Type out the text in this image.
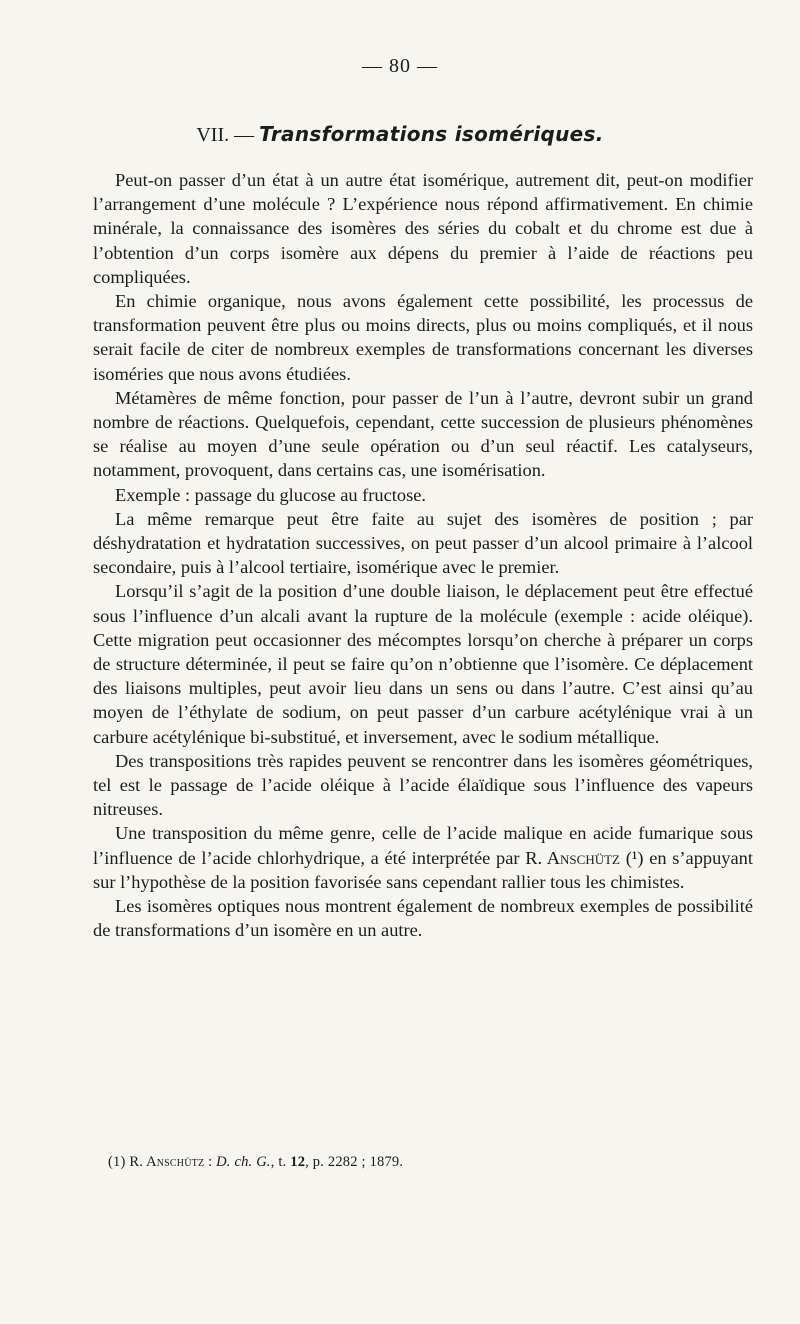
— 80 —
VII. — Transformations isomériques.

Peut-on passer d’un état à un autre état isomérique, autrement dit, peut-on modifier l’arrangement d’une molécule ? L’expérience nous répond affirmativement. En chimie minérale, la connaissance des isomères des séries du cobalt et du chrome est due à l’obtention d’un corps isomère aux dépens du premier à l’aide de réactions peu compliquées.

En chimie organique, nous avons également cette possibilité, les processus de transformation peuvent être plus ou moins directs, plus ou moins compliqués, et il nous serait facile de citer de nombreux exemples de transformations concernant les diverses isoméries que nous avons étudiées.

Métamères de même fonction, pour passer de l’un à l’autre, devront subir un grand nombre de réactions. Quelquefois, cependant, cette succession de plusieurs phénomènes se réalise au moyen d’une seule opération ou d’un seul réactif. Les catalyseurs, notamment, provoquent, dans certains cas, une isomérisation.

Exemple : passage du glucose au fructose.

La même remarque peut être faite au sujet des isomères de position ; par déshydratation et hydratation successives, on peut passer d’un alcool primaire à l’alcool secondaire, puis à l’alcool tertiaire, isomérique avec le premier.

Lorsqu’il s’agit de la position d’une double liaison, le déplacement peut être effectué sous l’influence d’un alcali avant la rupture de la molécule (exemple : acide oléique). Cette migration peut occasionner des mécomptes lorsqu’on cherche à préparer un corps de structure déterminée, il peut se faire qu’on n’obtienne que l’isomère. Ce déplacement des liaisons multiples, peut avoir lieu dans un sens ou dans l’autre. C’est ainsi qu’au moyen de l’éthylate de sodium, on peut passer d’un carbure acétylénique vrai à un carbure acétylénique bi-substitué, et inversement, avec le sodium métallique.

Des transpositions très rapides peuvent se rencontrer dans les isomères géométriques, tel est le passage de l’acide oléique à l’acide élaïdique sous l’influence des vapeurs nitreuses.

Une transposition du même genre, celle de l’acide malique en acide fumarique sous l’influence de l’acide chlorhydrique, a été interprétée par R. Anschütz (¹) en s’appuyant sur l’hypothèse de la position favorisée sans cependant rallier tous les chimistes.

Les isomères optiques nous montrent également de nombreux exemples de possibilité de transformations d’un isomère en un autre.

(1) R. Anschütz : D. ch. G., t. 12, p. 2282 ; 1879.
